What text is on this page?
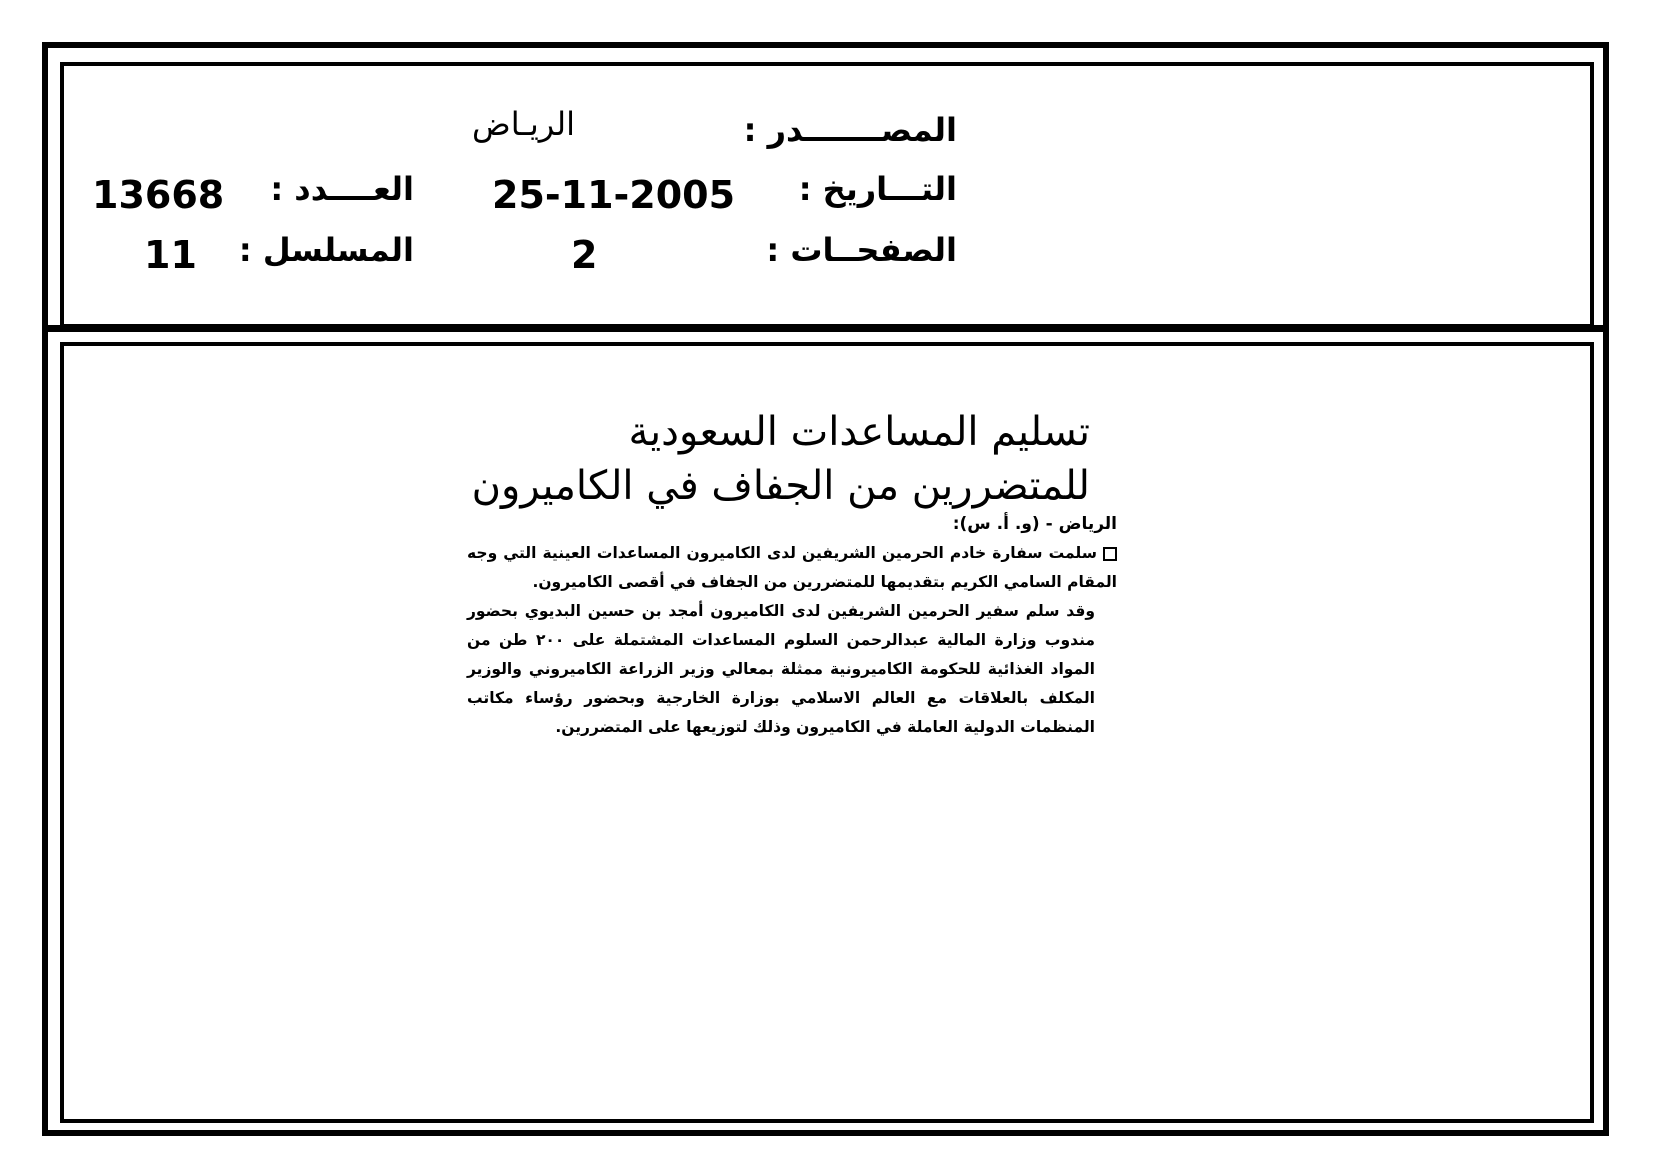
المصـــــــدر :
الريـاض
التـــاريخ :
25-11-2005
العــــدد :
13668
الصفحــات :
2
المسلسل :
11
تسليم المساعدات السعودية
للمتضررين من الجفاف في الكاميرون

الرياض - (و. أ. س):

سلمت سفارة خادم الحرمين الشريفين لدى الكاميرون المساعدات العينية التي وجه المقام السامي الكريم بتقديمها للمتضررين من الجفاف في أقصى الكاميرون.

وقد سلم سفير الحرمين الشريفين لدى الكاميرون أمجد بن حسين البديوي بحضور مندوب وزارة المالية عبدالرحمن السلوم المساعدات المشتملة على ٢٠٠ طن من المواد الغذائية للحكومة الكاميرونية ممثلة بمعالي وزير الزراعة الكاميروني والوزير المكلف بالعلاقات مع العالم الاسلامي بوزارة الخارجية وبحضور رؤساء مكاتب المنظمات الدولية العاملة في الكاميرون وذلك لتوزيعها على المتضررين.
